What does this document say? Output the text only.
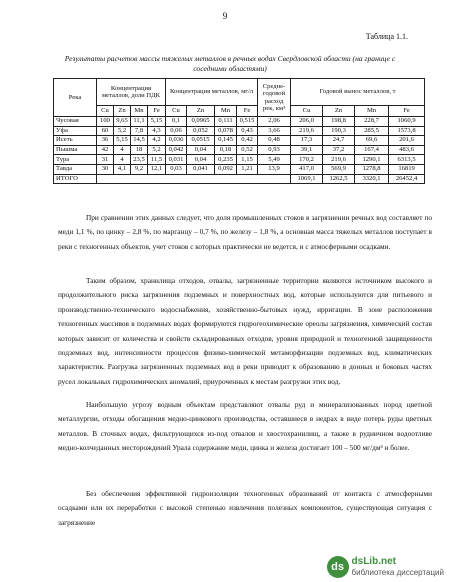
9
Таблица 1.1.
Результаты расчетов массы тяжелых металлов в речных водах Свердловской области (на границе с соседними областями)
Река	Концентрация металлов, доли ПДК				Концентрация металлов, мг/л				Средне-годовой расход рек, км³	Годовой вынос металлов, т			
	Cu	Zn	Mn	Fe	Cu	Zn	Mn	Fe		Cu	Zn	Mn	Fe
Чусовая	100	9,65	11,1	5,15	0,1	0,0965	0,111	0,515	2,06	206,0	198,8	228,7	1060,9
Уфа	60	5,2	7,8	4,3	0,06	0,052	0,078	0,43	3,66	219,6	190,3	285,5	1573,8
Исеть	36	5,15	14,5	4,2	0,036	0,0515	0,145	0,42	0,48	17,3	24,7	69,6	201,6
Пышма	42	4	18	5,2	0,042	0,04	0,18	0,52	0,93	39,1	37,2	167,4	483,6
Тура	31	4	23,5	11,5	0,031	0,04	0,235	1,15	5,49	170,2	219,6	1290,1	6313,5
Тавда	30	4,1	9,2	12,1	0,03	0,041	0,092	1,21	13,9	417,0	569,9	1278,8	16819
ИТОГО										1069,1	1262,5	3320,1	26452,4

При сравнении этих данных следует, что доля промышленных стоков в загрязнении речных вод составляет по меди 1,1 %, по цинку – 2,8 %, по марганцу – 0,7 %, по железу – 1,8 %, а основная масса тяжелых металлов поступает в реки с техногенных объектов, учет стоков с которых практически не ведется, и с атмосферными осадками.

Таким образом, хранилища отходов, отвалы, загрязненные территории являются источником высокого и продолжительного риска загрязнения подземных и поверхностных вод, которые используются для питьевого и производственно-технического водоснабжения, хозяйственно-бытовых нужд, ирригации. В зоне расположения техногенных массивов в подземных водах формируются гидрогеохимические ореолы загрязнения, химический состав которых зависит от количества и свойств складированных отходов, уровня природной и техногенной защищенности подземных вод, интенсивности процессов физико-химической метаморфизации подземных вод, климатических характеристик. Разгрузка загрязненных подземных вод в реки приводит к образованию в донных и боковых частях русел локальных гидрохимических аномалий, приуроченных к местам разгрузки этих вод.

Наибольшую угрозу водным объектам представляют отвалы руд и минерализованных пород цветной металлургии, отходы обогащения медно-цинкового производства, оставшиеся в недрах в виде потерь руды цветных металлов. В сточных водах, фильтрующихся из-под отвалов и хвостохранилищ, а также в рудничном водоотливе медно-колчеданных месторождений Урала содержание меди, цинка и железа достигает 100 – 500 мг/дм³ и более.

Без обеспечения эффективной гидроизоляции техногенных образований от контакта с атмосферными осадками или их переработки с высокой степенью извлечения полезных компонентов, существующая ситуация с загрязнение

ds dsLib.net
библиотека диссертаций
